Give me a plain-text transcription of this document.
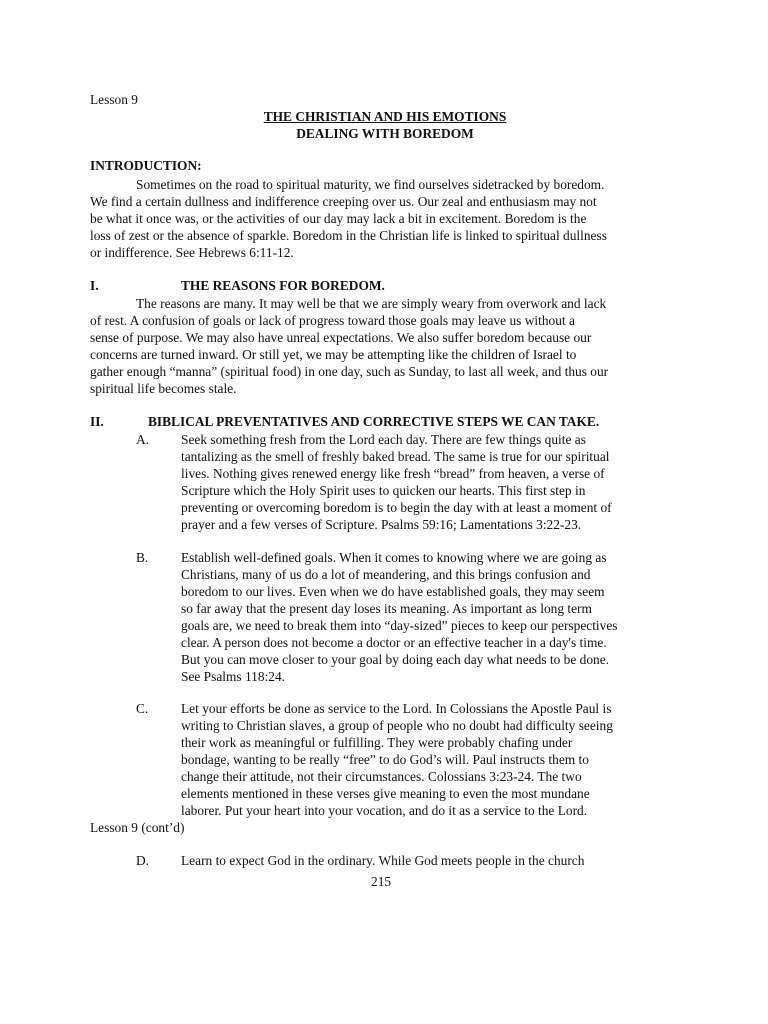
Lesson 9
THE CHRISTIAN AND HIS EMOTIONS
DEALING WITH BOREDOM
INTRODUCTION:
Sometimes on the road to spiritual maturity, we find ourselves sidetracked by boredom.
We find a certain dullness and indifference creeping over us. Our zeal and enthusiasm may not
be what it once was, or the activities of our day may lack a bit in excitement. Boredom is the
loss of zest or the absence of sparkle. Boredom in the Christian life is linked to spiritual dullness
or indifference. See Hebrews 6:11-12.
I.	THE REASONS FOR BOREDOM.
The reasons are many. It may well be that we are simply weary from overwork and lack
of rest. A confusion of goals or lack of progress toward those goals may leave us without a
sense of purpose. We may also have unreal expectations. We also suffer boredom because our
concerns are turned inward. Or still yet, we may be attempting like the children of Israel to
gather enough “manna” (spiritual food) in one day, such as Sunday, to last all week, and thus our
spiritual life becomes stale.
II.	BIBLICAL PREVENTATIVES AND CORRECTIVE STEPS WE CAN TAKE.
A. Seek something fresh from the Lord each day. There are few things quite as
tantalizing as the smell of freshly baked bread. The same is true for our spiritual
lives. Nothing gives renewed energy like fresh “bread” from heaven, a verse of
Scripture which the Holy Spirit uses to quicken our hearts. This first step in
preventing or overcoming boredom is to begin the day with at least a moment of
prayer and a few verses of Scripture. Psalms 59:16; Lamentations 3:22-23.
B. Establish well-defined goals. When it comes to knowing where we are going as
Christians, many of us do a lot of meandering, and this brings confusion and
boredom to our lives. Even when we do have established goals, they may seem
so far away that the present day loses its meaning. As important as long term
goals are, we need to break them into “day-sized” pieces to keep our perspectives
clear. A person does not become a doctor or an effective teacher in a day's time.
But you can move closer to your goal by doing each day what needs to be done.
See Psalms 118:24.
C. Let your efforts be done as service to the Lord. In Colossians the Apostle Paul is
writing to Christian slaves, a group of people who no doubt had difficulty seeing
their work as meaningful or fulfilling. They were probably chafing under
bondage, wanting to be really “free” to do God’s will. Paul instructs them to
change their attitude, not their circumstances. Colossians 3:23-24. The two
elements mentioned in these verses give meaning to even the most mundane
laborer. Put your heart into your vocation, and do it as a service to the Lord.
Lesson 9 (cont’d)
D. Learn to expect God in the ordinary. While God meets people in the church
215
